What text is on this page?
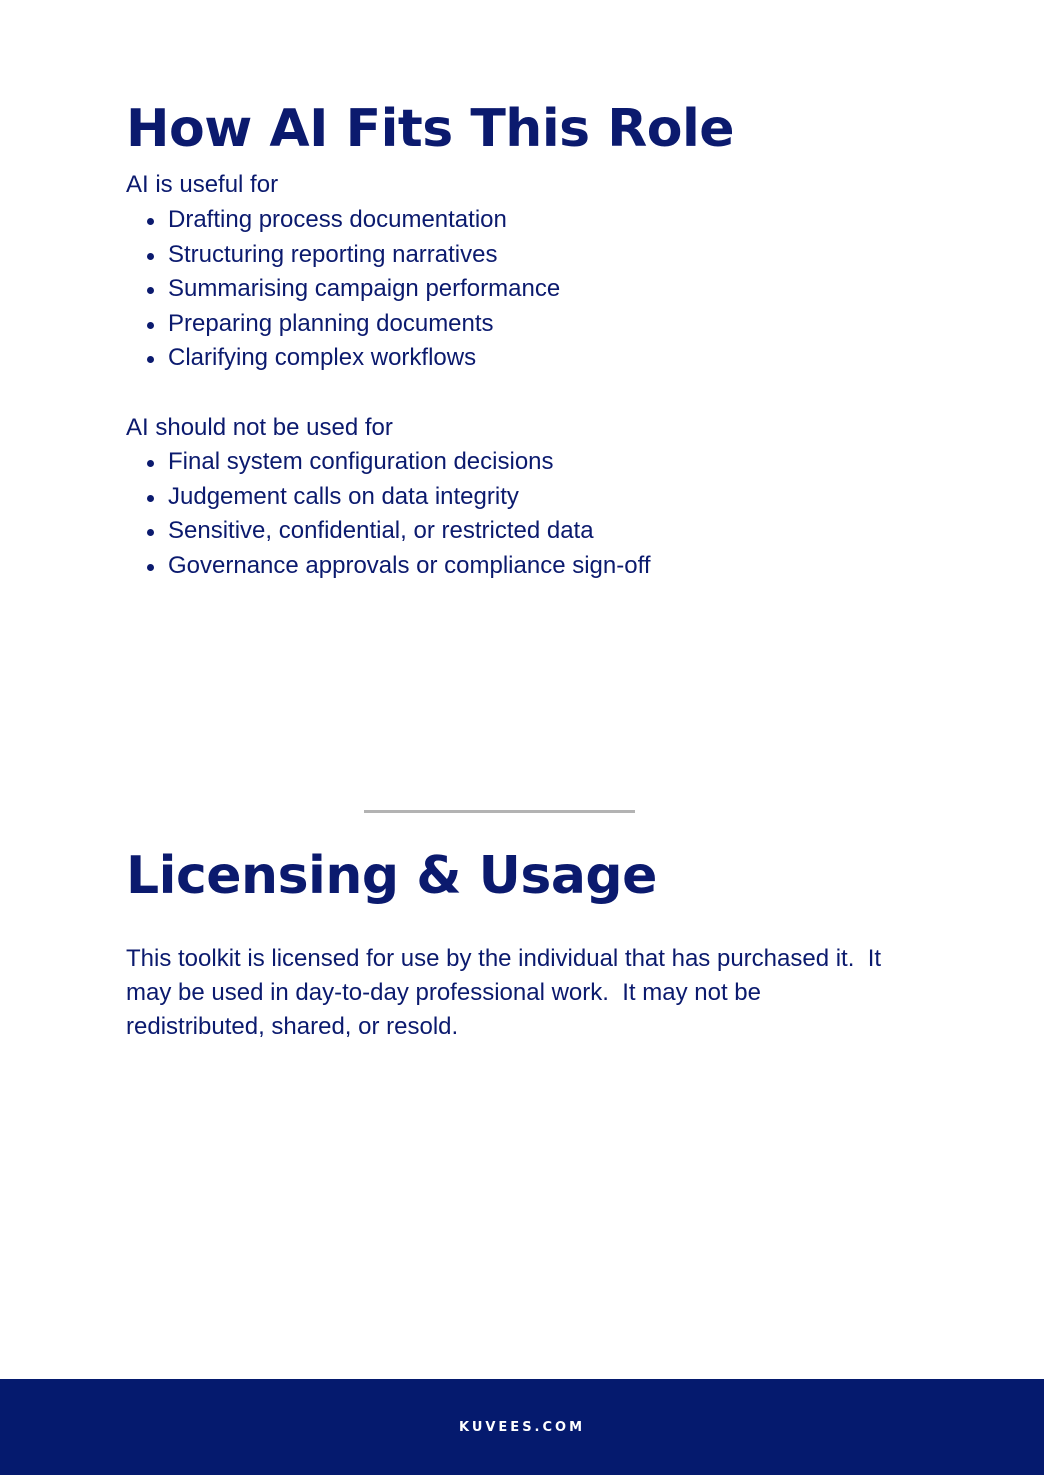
How AI Fits This Role

AI is useful for

Drafting process documentation
Structuring reporting narratives
Summarising campaign performance
Preparing planning documents
Clarifying complex workflows

AI should not be used for

Final system configuration decisions
Judgement calls on data integrity
Sensitive, confidential, or restricted data
Governance approvals or compliance sign-off
Licensing & Usage

This toolkit is licensed for use by the individual that has purchased it.  It
may be used in day-to-day professional work.  It may not be
redistributed, shared, or resold.

KUVEES.COM
